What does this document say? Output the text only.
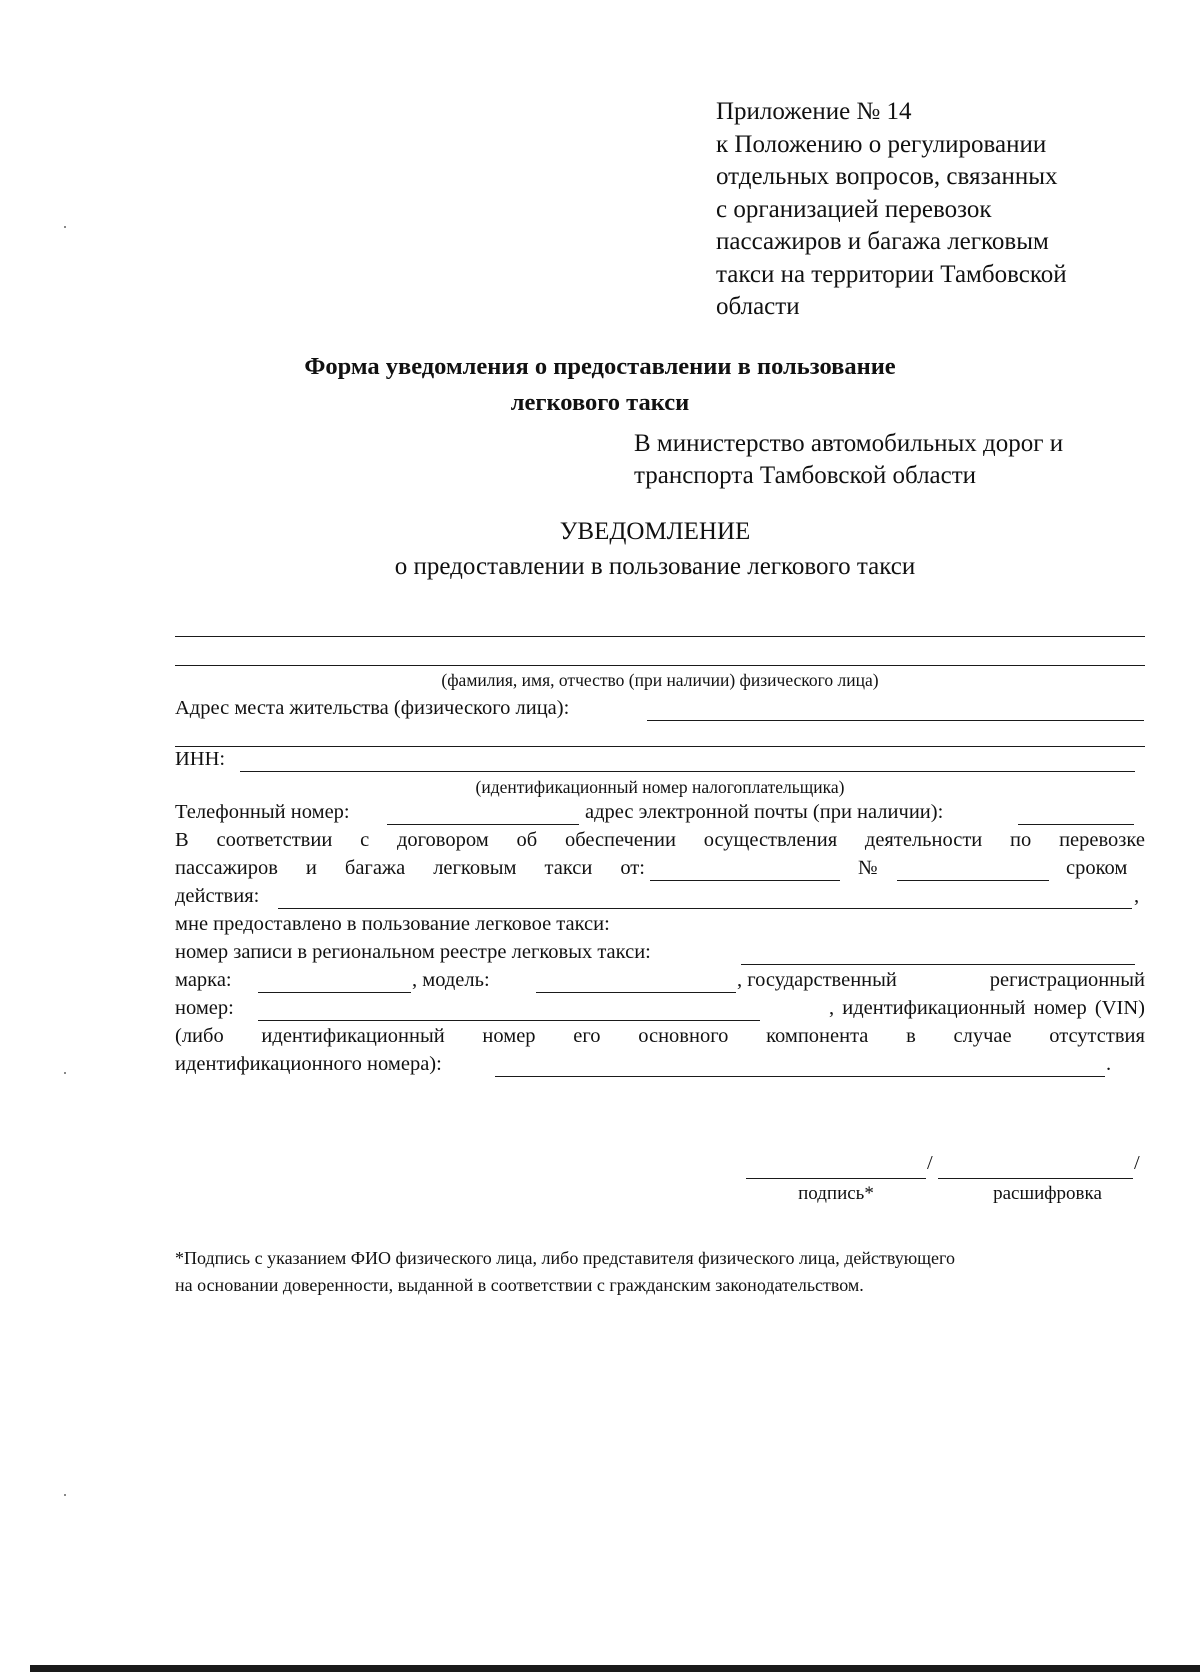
Приложение № 14
к Положению о регулировании
отдельных вопросов, связанных
с организацией перевозок
пассажиров и багажа легковым
такси на территории Тамбовской
области
Форма уведомления о предоставлении в пользование
легкового такси
В министерство автомобильных дорог и
транспорта Тамбовской области
УВЕДОМЛЕНИЕ
о предоставлении в пользование легкового такси
(фамилия, имя, отчество (при наличии) физического лица)
Адрес места жительства (физического лица):
ИНН:
(идентификационный номер налогоплательщика)
Телефонный номер:	адрес электронной почты (при наличии):
В соответствии с договором об обеспечении осуществления деятельности по перевозке
пассажиров и багажа легковым такси от:	№	сроком
действия:	,
мне предоставлено в пользование легковое такси:
номер записи в региональном реестре легковых такси:
марка:	, модель:	, государственный	регистрационный
номер:	, идентификационный номер (VIN)
(либо идентификационный номер его основного компонента в случае отсутствия
идентификационного номера):	.
/	/
подпись*	расшифровка
*Подпись с указанием ФИО физического лица, либо представителя физического лица, действующего
на основании доверенности, выданной в соответствии с гражданским законодательством.
